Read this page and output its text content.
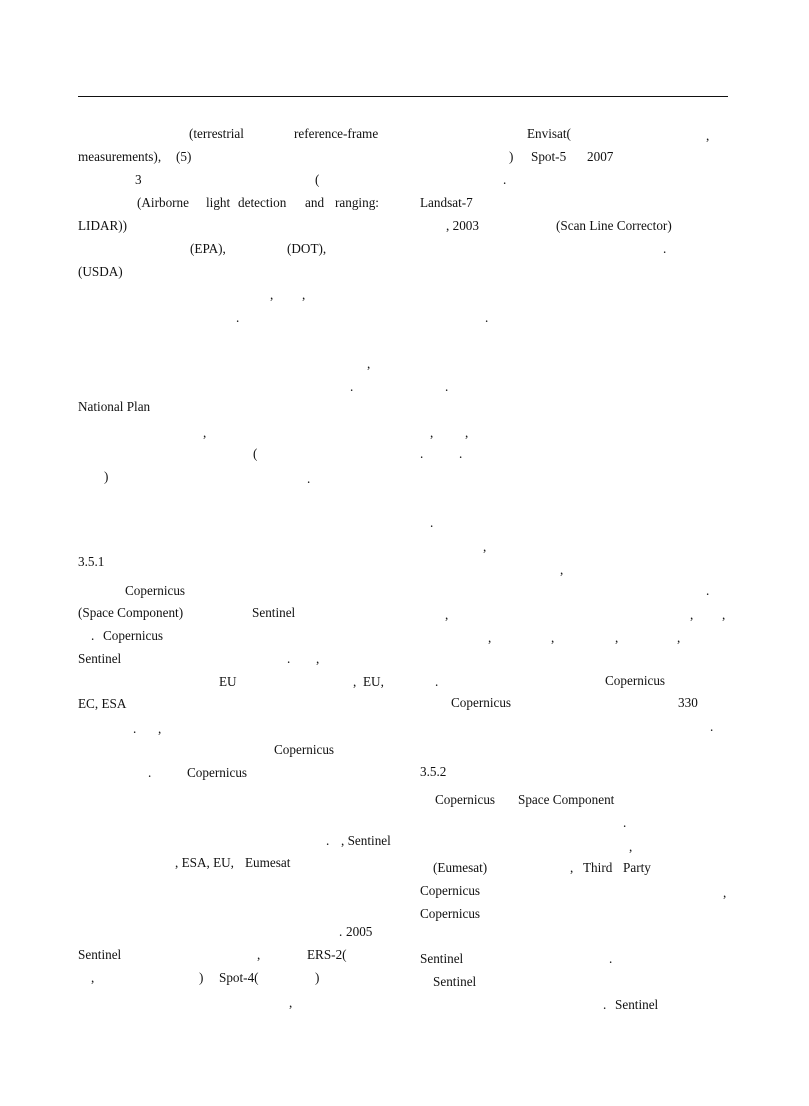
(terrestrial	reference-frame
measurements), (5)
3	(
(Airborne light detection and ranging:
LIDAR))
(EPA),	(DOT),
(USDA)
, ,
.
,
.
National Plan
,
(
)	.
3.5.1
Copernicus
(Space Component)	Sentinel
. Copernicus
Sentinel	. ,
EU	, EU,
EC, ESA
. ,
Copernicus
.	Copernicus
. , Sentinel
, ESA, EU, Eumesat
. 2005
Sentinel	,	ERS-2(
,	) Spot-4(	)
,
Envisat(	,
) Spot-5 2007
.
Landsat-7
, 2003	(Scan Line Corrector)
.
.
.
.
, ,
.
.
,
,
.
,	, ,
,	,	,	,
.	Copernicus
Copernicus	330
.
3.5.2
Copernicus Space Component
.
,
(Eumesat)	, Third Party
Copernicus	,
Copernicus
Sentinel	.
Sentinel
. Sentinel
